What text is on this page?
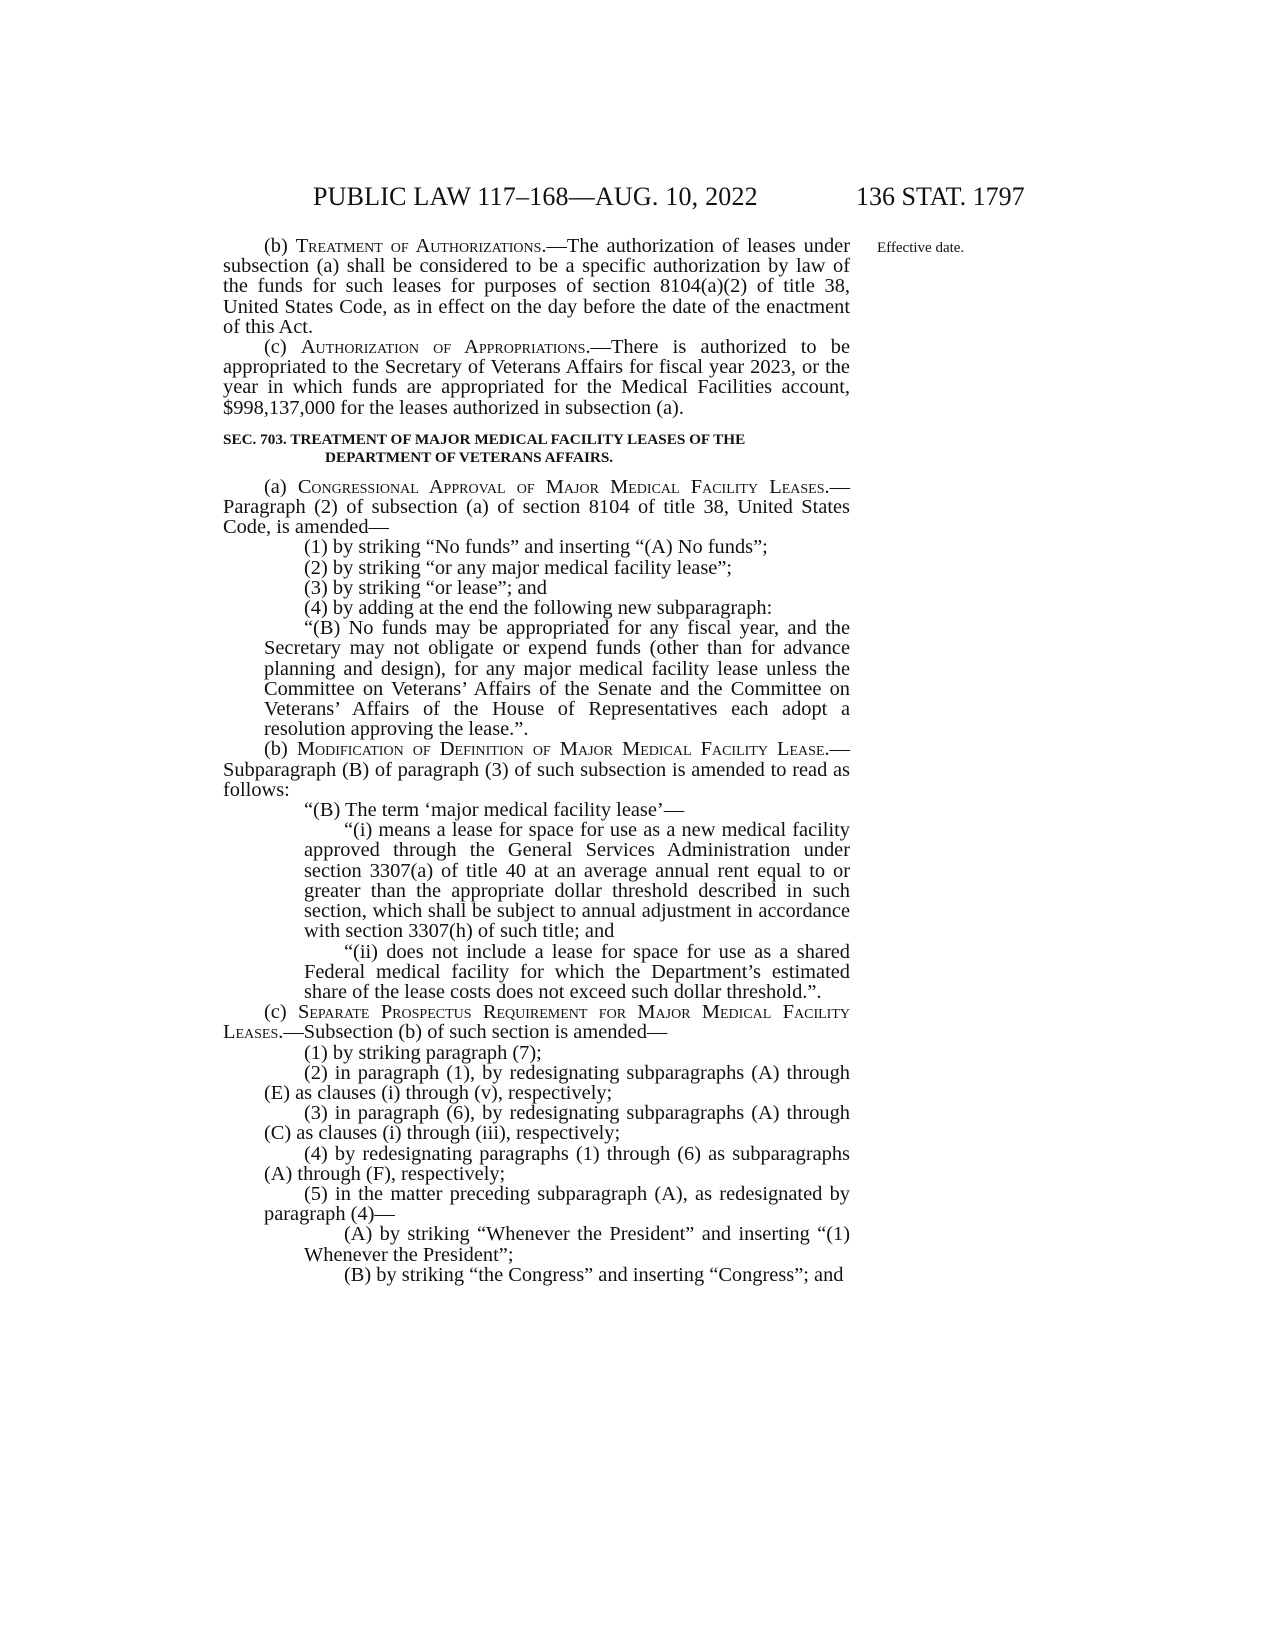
PUBLIC LAW 117–168—AUG. 10, 2022	136 STAT. 1797
Effective date.

(b) Treatment of Authorizations.—The authorization of leases under subsection (a) shall be considered to be a specific authorization by law of the funds for such leases for purposes of section 8104(a)(2) of title 38, United States Code, as in effect on the day before the date of the enactment of this Act.

(c) Authorization of Appropriations.—There is authorized to be appropriated to the Secretary of Veterans Affairs for fiscal year 2023, or the year in which funds are appropriated for the Medical Facilities account, $998,137,000 for the leases authorized in subsection (a).

SEC. 703. TREATMENT OF MAJOR MEDICAL FACILITY LEASES OF THE
DEPARTMENT OF VETERANS AFFAIRS.

(a) Congressional Approval of Major Medical Facility Leases.—Paragraph (2) of subsection (a) of section 8104 of title 38, United States Code, is amended—

(1) by striking “No funds” and inserting “(A) No funds”;

(2) by striking “or any major medical facility lease”;

(3) by striking “or lease”; and

(4) by adding at the end the following new subparagraph:

“(B) No funds may be appropriated for any fiscal year, and the Secretary may not obligate or expend funds (other than for advance planning and design), for any major medical facility lease unless the Committee on Veterans’ Affairs of the Senate and the Committee on Veterans’ Affairs of the House of Representatives each adopt a resolution approving the lease.”.

(b) Modification of Definition of Major Medical Facility Lease.—Subparagraph (B) of paragraph (3) of such subsection is amended to read as follows:

“(B) The term ‘major medical facility lease’—

“(i) means a lease for space for use as a new medical facility approved through the General Services Administration under section 3307(a) of title 40 at an average annual rent equal to or greater than the appropriate dollar threshold described in such section, which shall be subject to annual adjustment in accordance with section 3307(h) of such title; and

“(ii) does not include a lease for space for use as a shared Federal medical facility for which the Department’s estimated share of the lease costs does not exceed such dollar threshold.”.

(c) Separate Prospectus Requirement for Major Medical Facility Leases.—Subsection (b) of such section is amended—

(1) by striking paragraph (7);

(2) in paragraph (1), by redesignating subparagraphs (A) through (E) as clauses (i) through (v), respectively;

(3) in paragraph (6), by redesignating subparagraphs (A) through (C) as clauses (i) through (iii), respectively;

(4) by redesignating paragraphs (1) through (6) as subparagraphs (A) through (F), respectively;

(5) in the matter preceding subparagraph (A), as redesignated by paragraph (4)—

(A) by striking “Whenever the President” and inserting “(1) Whenever the President”;

(B) by striking “the Congress” and inserting “Congress”; and
